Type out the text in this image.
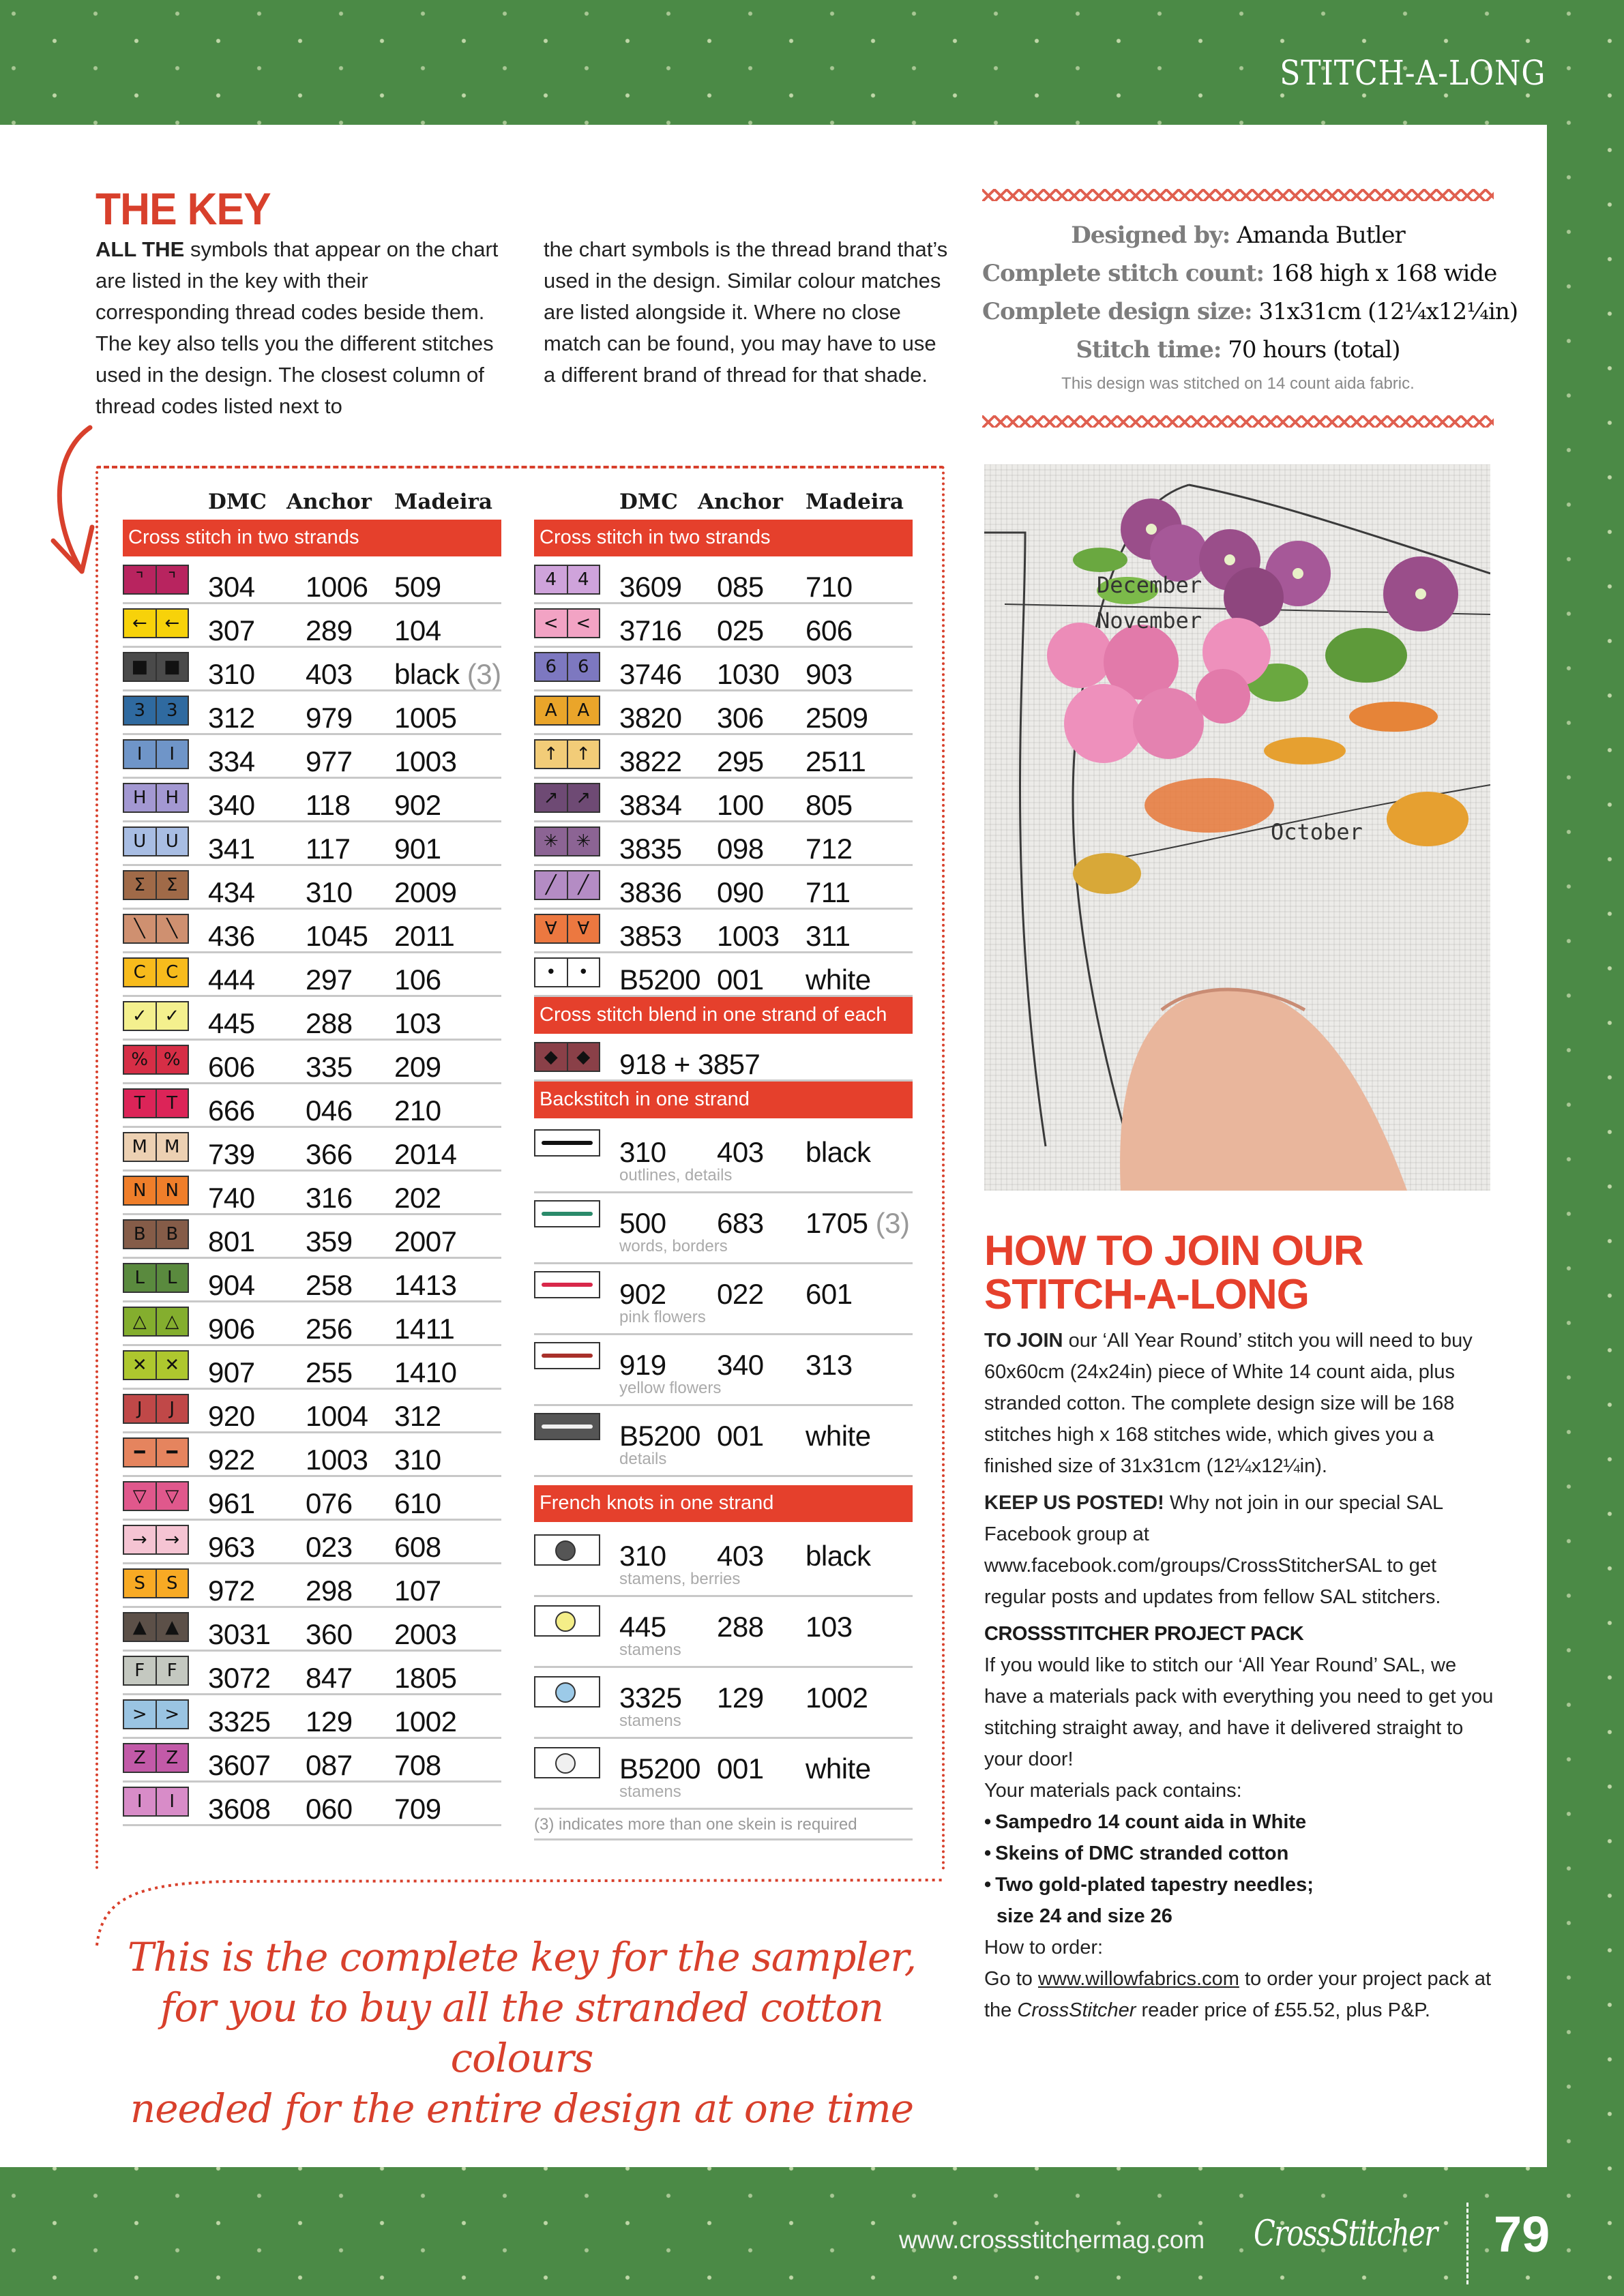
STITCH-A-LONG
THE KEY
ALL THE symbols that appear on the chart are listed in the key with their corresponding thread codes beside them. The key also tells you the different stitches used in the design. The closest column of thread codes listed next to
the chart symbols is the thread brand that’s used in the design. Similar colour matches are listed alongside it. Where no close match can be found, you may have to use a different brand of thread for that shade.
Designed by: Amanda Butler
Complete stitch count: 168 high x 168 wide
Complete design size: 31x31cm (12¼x12¼in)
Stitch time: 70 hours (total)
This design was stitched on 14 count aida fabric.
DMC Anchor Madeira
Cross stitch in two strands
⌝	⌝	304 1006 509
← ← 307 289 104
■ ■ 310 403 black (3)
3	3	312 979 1005
I	I	334 977 1003
H	H	340 118 902
U	U	341 117 901
Σ	Σ	434 310 2009
╲	╲	436 1045 2011
C	C	444 297 106
✓ ✓ 445 288 103
% % 606 335 209
T	T	666 046 210
M M 739 366 2014
N	N	740 316 202
B	B	801 359 2007
L	L	904 258 1413
△	△	906 256 1411
✕ ✕ 907 255 1410
J	J	920 1004 312
━	━	922 1003 310
▽	▽	961 076 610
→ → 963 023 608
S	S	972 298 107
▲	▲	3031 360 2003
F	F	3072 847 1805
> > 3325 129 1002
Z	Z	3607 087 708
I	I	3608 060 709
DMC Anchor Madeira
Cross stitch in two strands
4	4	3609 085 710
< < 3716 025 606
6	6	3746 1030 903
A	A	3820 306 2509
↑ ↑ 3822 295 2511
↗ ↗ 3834 100 805
✳ ✳ 3835 098 712
╱	╱	3836 090 711
∀	∀	3853 1003 311
•	•	B5200 001 white
Cross stitch blend in one strand of each
◆	◆	918 + 3857
Backstitch in one strand
310 403 black
outlines, details
500 683 1705 (3)
words, borders
902 022 601
pink flowers
919 340 313
yellow flowers
B5200 001 white
details
French knots in one strand
310 403 black
stamens, berries
445 288 103
stamens
3325 129 1002
stamens
B5200 001 white
stamens
(3) indicates more than one skein is required
This is the complete key for the sampler,
for you to buy all the stranded cotton colours
needed for the entire design at one time
December
November
October
HOW TO JOIN OUR
STITCH-A-LONG

TO JOIN our ‘All Year Round’ stitch you will need to buy 60x60cm (24x24in) piece of White 14 count aida, plus stranded cotton. The complete design size will be 168 stitches high x 168 stitches wide, which gives you a finished size of 31x31cm (12¼x12¼in).

KEEP US POSTED! Why not join in our special SAL Facebook group at www.facebook.com/groups/CrossStitcherSAL to get regular posts and updates from fellow SAL stitchers.

CROSSSTITCHER PROJECT PACK

If you would like to stitch our ‘All Year Round’ SAL, we have a materials pack with everything you need to get you stitching straight away, and have it delivered straight to your door!

Your materials pack contains:

• Sampedro 14 count aida in White
• Skeins of DMC stranded cotton
• Two gold-plated tapestry needles;
size 24 and size 26

How to order:

Go to www.willowfabrics.com to order your project pack at the CrossStitcher reader price of £55.52, plus P&P.

www.crossstitchermag.com CrossStitcher 79
